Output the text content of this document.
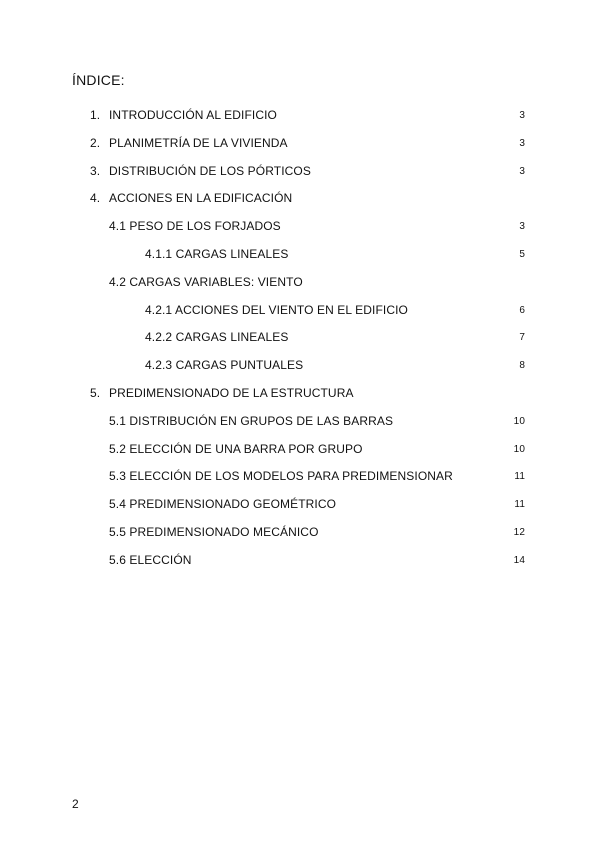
ÍNDICE:
1. INTRODUCCIÓN AL EDIFICIO	3
2. PLANIMETRÍA DE LA VIVIENDA	3
3. DISTRIBUCIÓN DE LOS PÓRTICOS	3
4. ACCIONES EN LA EDIFICACIÓN
4.1 PESO DE LOS FORJADOS	3
4.1.1 CARGAS LINEALES	5
4.2 CARGAS VARIABLES: VIENTO
4.2.1 ACCIONES DEL VIENTO EN EL EDIFICIO	6
4.2.2 CARGAS LINEALES	7
4.2.3 CARGAS PUNTUALES	8
5. PREDIMENSIONADO DE LA ESTRUCTURA
5.1 DISTRIBUCIÓN EN GRUPOS DE LAS BARRAS	10
5.2 ELECCIÓN DE UNA BARRA POR GRUPO	10
5.3 ELECCIÓN DE LOS MODELOS PARA PREDIMENSIONAR	11
5.4 PREDIMENSIONADO GEOMÉTRICO	11
5.5 PREDIMENSIONADO MECÁNICO	12
5.6 ELECCIÓN	14
2
